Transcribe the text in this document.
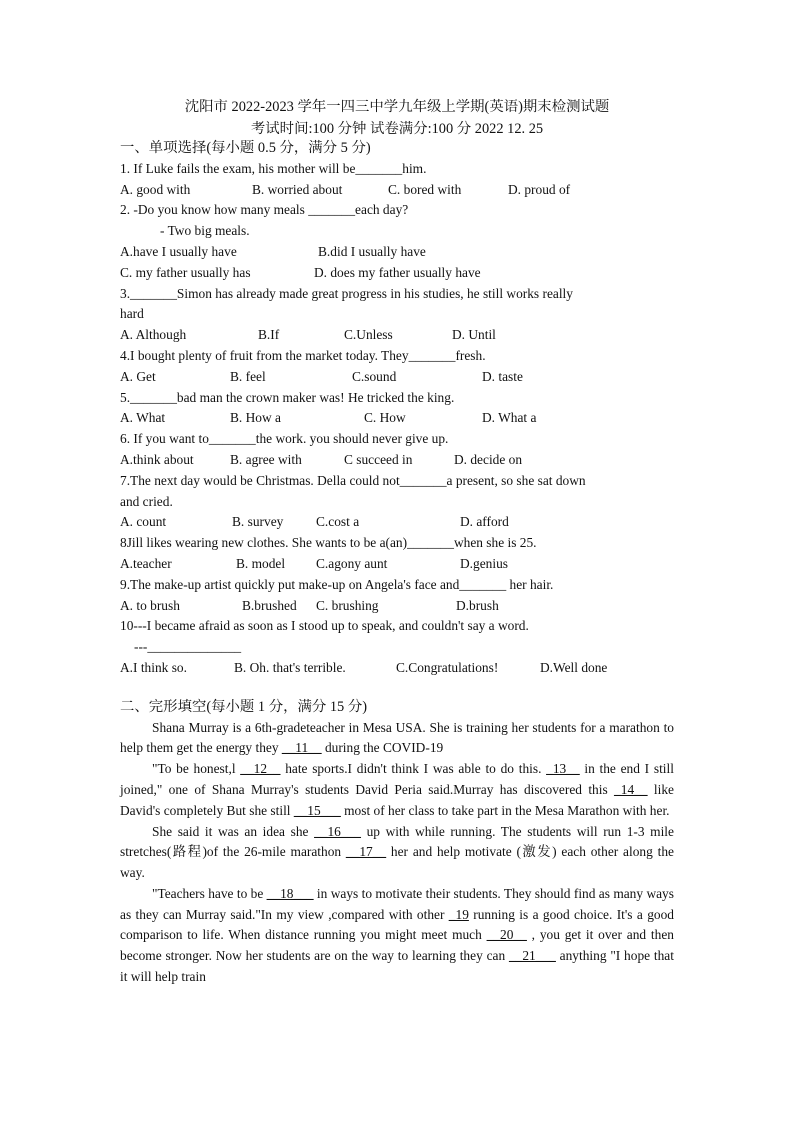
沈阳市 2022-2023 学年一四三中学九年级上学期(英语)期末检测试题
考试时间:100 分钟 试卷满分:100 分 2022 12. 25
一、单项选择(每小题 0.5 分，满分 5 分)
1. If Luke fails the exam, his mother will be_______him.
A. good with	B. worried about	C. bored with	D. proud of
2. -Do you know how many meals _______each day?
- Two big meals.
A.have I usually have	B.did I usually have
C. my father usually has	D. does my father usually have
3._______Simon has already made great progress in his studies, he still works really
hard
A. Although	B.If	C.Unless	D. Until
4.I bought plenty of fruit from the market today. They_______fresh.
A. Get	B. feel	C.sound	D. taste
5._______bad man the crown maker was! He tricked the king.
A. What	B. How a	C. How	D. What a
6. If you want to_______the work. you should never give up.
A.think about	B. agree with	C succeed in	D. decide on
7.The next day would be Christmas. Della could not_______a present, so she sat down
and cried.
A. count	B. survey	C.cost a	D. afford
8Jill likes wearing new clothes. She wants to be a(an)_______when she is 25.
A.teacher	B. model	C.agony aunt	D.genius
9.The make-up artist quickly put make-up on Angela's face and_______ her hair.
A. to brush	B.brushed	C. brushing	D.brush
10---I became afraid as soon as I stood up to speak, and couldn't say a word.
---______________
A.I think so.	B. Oh. that's terrible.	C.Congratulations!	D.Well done
二、完形填空(每小题 1 分，满分 15 分)

Shana Murray is a 6th-gradeteacher in Mesa USA. She is training her students for a marathon to help them get the energy they __11__ during the COVID-19

"To be honest,l __12__ hate sports.I didn't think I was able to do this. _13__ in the end I still joined," one of Shana Murray's students David Peria said.Murray has discovered this _14__ like David's completely But she still __15___ most of her class to take part in the Mesa Marathon with her.

She said it was an idea she __16___ up with while running. The students will run 1-3 mile stretches(路程)of the 26-mile marathon __17__ her and help motivate (激发) each other along the way.

"Teachers have to be __18___ in ways to motivate their students. They should find as many ways as they can Murray said."In my view ,compared with other _19 running is a good choice. It's a good comparison to life. When distance running you might meet much __20__ , you get it over and then become stronger. Now her students are on the way to learning they can __21___ anything "I hope that it will help train
